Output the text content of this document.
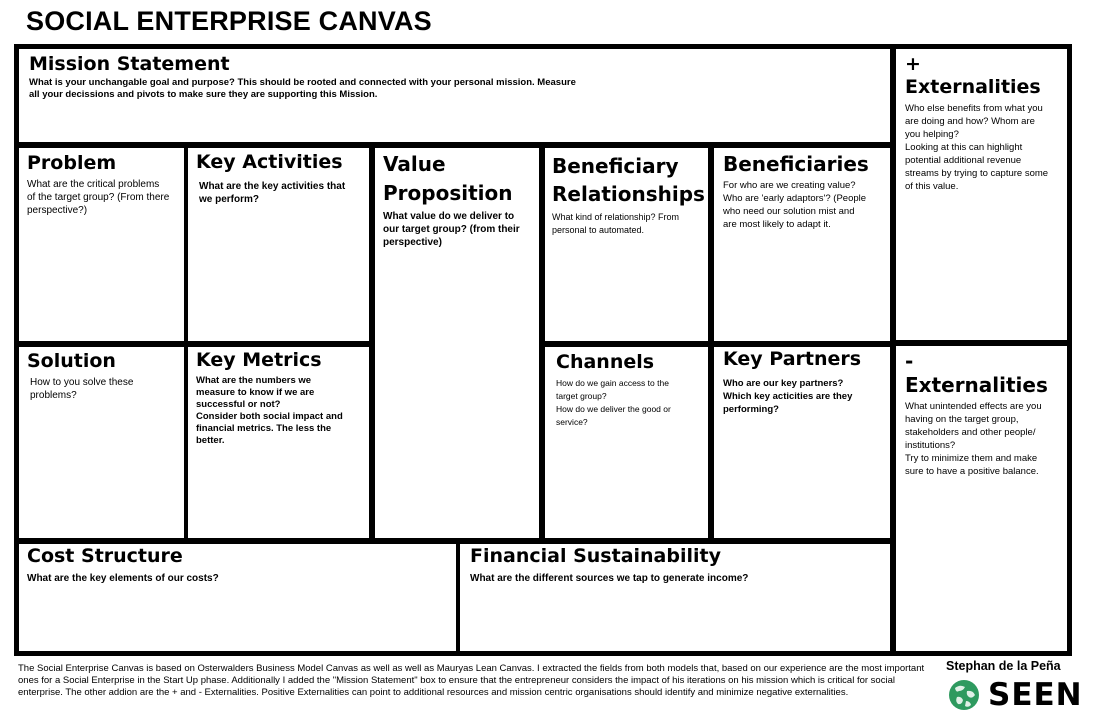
SOCIAL ENTERPRISE CANVAS
Mission Statement
What is your unchangable goal and purpose? This should be rooted and connected with your personal mission. Measure
all your decissions and pivots to make sure they are supporting this Mission.
+ Externalities
Who else benefits from what you
are doing and how? Whom are
you helping?
Looking at this can highlight
potential additional revenue
streams by trying to capture some
of this value.
Problem
What are the critical problems
of the target group? (From there
perspective?)
Key Activities
What are the key activities that
we perform?
Value
Proposition
What value do we deliver to
our target group? (from their
perspective)
Beneficiary
Relationships
What kind of relationship? From
personal to automated.
Beneficiaries
For who are we creating value?
Who are 'early adaptors'? (People
who need our solution mist and
are most likely to adapt it.
Solution
How to you solve these
problems?
Key Metrics
What are the numbers we
measure to know if we are
successful or not?
Consider both social impact and
financial metrics. The less the
better.
Channels
How do we gain access to the
target group?
How do we deliver the good or
service?
Key Partners
Who are our key partners?
Which key acticities are they
performing?
- Externalities
What unintended effects are you
having on the target group,
stakeholders and other people/
institutions?
Try to minimize them and make
sure to have a positive balance.
Cost Structure
What are the key elements of our costs?
Financial Sustainability
What are the different sources we tap to generate income?
The Social Enterprise Canvas is based on Osterwalders Business Model Canvas as well as well as Mauryas Lean Canvas. I extracted the fields from both models that, based on our experience are the most important ones for a Social Enterprise in the Start Up phase. Additionally I added the "Mission Statement" box to ensure that the entrepreneur considers the impact of his iterations on his mission which is critical for social enterprise. The other addion are the + and - Externalities. Positive Externalities can point to additional resources and mission centric organisations should identify and minimize negative externalities.
Stephan de la Peña
SEEN
